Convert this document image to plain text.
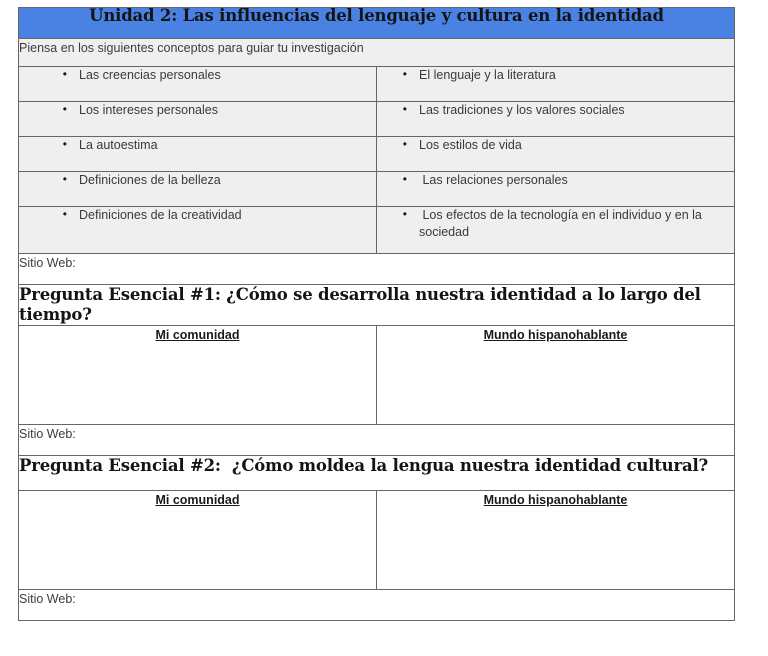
Unidad 2: Las influencias del lenguaje y cultura en la identidad	

Piensa en los siguientes conceptos para guiar tu investigación	

• Las creencias personales	• El lenguaje y la literatura

• Los intereses personales	• Las tradiciones y los valores sociales

• La autoestima	• Los estilos de vida

• Definiciones de la belleza	• Las relaciones personales

• Definiciones de la creatividad	• Los efectos de la tecnología en el individuo y en la sociedad

Sitio Web:	
Pregunta Esencial #1: ¿Cómo se desarrolla nuestra identidad a lo largo del tiempo?	
Mi comunidad	Mundo hispanohablante

Sitio Web:	
Pregunta Esencial #2:  ¿Cómo moldea la lengua nuestra identidad cultural?	
Mi comunidad	Mundo hispanohablante

Sitio Web:	
